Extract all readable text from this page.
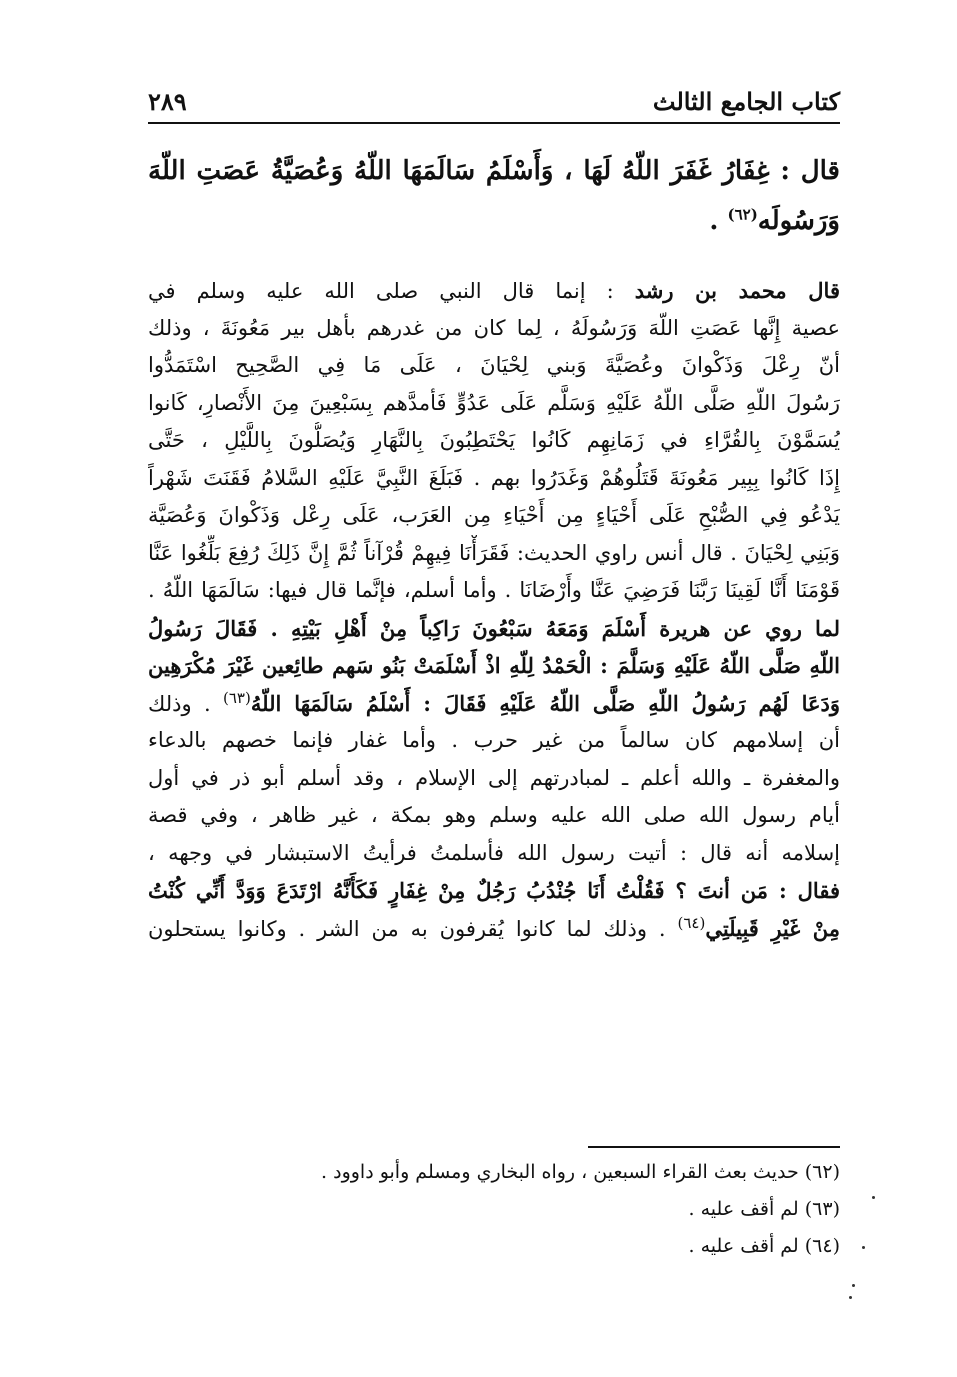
كتاب الجامع الثالث
٢٨٩
قال : غِفَارُ غَفَرَ اللّهُ لَهَا ، وَأَسْلَمُ سَالَمَهَا اللّهُ وَعُصَيَّةُ عَصَتِ اللّهَ
وَرَسُولَه$^{(٦٢)}$ .
قال محمد بن رشد : إنما قال النبي صلى الله عليه وسلم في
عصية إِنَّها عَصَتِ اللّهَ وَرَسُولَهُ ، لِما كان من غدرهم بأهل بير مَعُونَةَ ، وذلك
أنّ رِعْلَ وَذَكْوانَ وعُصَيَّةَ وَبني لِحْيَانَ ، عَلَى مَا فِي الصَّحِيح اسْتَمَدُّوا
رَسُولَ اللّهِ صَلَّى اللّهُ عَلَيْهِ وَسَلَّم عَلَى عَدُوٍّ فَأمدَّهم بِسَبْعِينَ مِنَ الأَنْصارِ، كَانوا
يُسَمَّوْنَ بِالقُرَّاءِ في زَمَانِهِم كَانُوا يَحْتَطِبُونَ بِالنَّهَارِ وَيُصَلُّونَ بِاللَّيْلِ ، حَتَّى
إِذَا كَانُوا بِبِير مَعُونَةَ قَتَلُوهُمْ وَغَدَرُوا بهم . فَبَلَغَ النَّبِيَّ عَلَيْهِ السَّلامُ فَقَنَتَ شَهْراً
يَدْعُو فِي الصُّبْحِ عَلَى أَحْيَاءٍ مِن أَحْيَاءِ مِن العَرَب، عَلَى رِعْل وَذَكْوانَ وَعُصَيَّة
وَبَنِي لِحْيَانَ . قال أنس راوي الحديث: فَقَرَأْنَا فِيهِمْ قُرْآناً ثُمَّ إِنَّ ذَلِكَ رُفِعَ بَلِّغُوا عَنَّا
قَوْمَنَا أَنَّا لَقِينَا رَبَّنَا فَرَضِيَ عَنَّا وأَرْضَانَا . وأما أسلم، فإنَّما قال فيها: سَالَمَهَا اللّهُ .
لما روي عن هريرة أَسْلَمَ وَمَعَهُ سَبْعُونَ رَاكِباً مِنْ أَهْلِ بَيْتِهِ . فَقَالَ رَسُولُ
اللّهِ صَلَّى اللّهُ عَلَيْهِ وَسَلَّمَ : الْحَمْدُ لِلّهِ اذْ أَسْلَمَتْ بَنُو سَهم طائِعين غَيْرَ مُكْرَهِين
وَدَعَا لَهُم رَسُولُ اللّهِ صَلَّى اللّهُ عَلَيْهِ فَقَالَ : أَسْلَمُ سَالَمَهَا اللّهُ$^{(٦٣)}$ . وذلك
أن إسلامهم كان سالماً من غير حرب . وأما غفار فإنما خصهم بالدعاء
والمغفرة ـ والله أعلم ـ لمبادرتهم إلى الإسلام ، وقد أسلم أبو ذر في أول
أيام رسول الله صلى الله عليه وسلم وهو بمكة ، غير ظاهر ، وفي قصة
إسلامه أنه قال : أتيت رسول الله فأسلمتُ فرأيتُ الاستبشار في وجهه ،
فقال : مَن أنتَ ؟ فَقُلْتُ أَنَا جُنْدُبُ رَجُلٌ مِنْ غِفَارٍ فَكَأَنَّهُ ارْتَدَعَ وَوَدَّ أَنِّي كُنْتُ
مِنْ غَيْرِ قَبِيلَتِي$^{(٦٤)}$ . وذلك لما كانوا يُقرفون به من الشر . وكانوا يستحلون
(٦٢) حديث بعث القراء السبعين ، رواه البخاري ومسلم وأبو داوود .
(٦٣) لم أقف عليه .
(٦٤) لم أقف عليه .
